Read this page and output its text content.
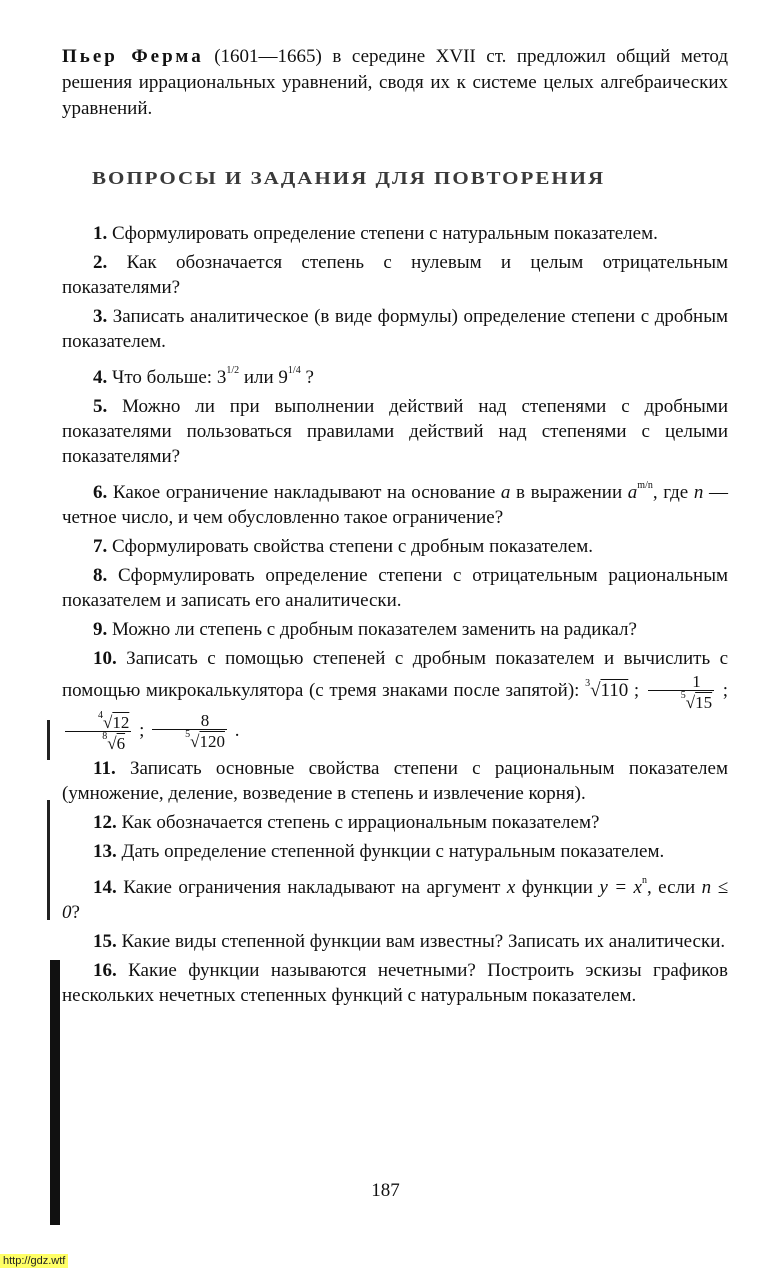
Пьер Ферма (1601—1665) в середине XVII ст. предложил общий метод решения иррациональных уравнений, сводя их к системе целых алгебраических уравнений.

ВОПРОСЫ И ЗАДАНИЯ ДЛЯ ПОВТОРЕНИЯ

1. Сформулировать определение степени с натуральным показателем.

2. Как обозначается степень с нулевым и целым отрицательным показателями?

3. Записать аналитическое (в виде формулы) определение степени с дробным показателем.

4. Что больше: $3^{1/2}$ или $9^{1/4}$ ?

5. Можно ли при выполнении действий над степенями с дробными показателями пользоваться правилами действий над степенями с целыми показателями?

6. Какое ограничение накладывают на основание a в выражении $a^{m/n}$, где n — четное число, и чем обусловленно такое ограничение?

7. Сформулировать свойства степени с дробным показателем.

8. Сформулировать определение степени с отрицательным рациональным показателем и записать его аналитически.

9. Можно ли степень с дробным показателем заменить на радикал?

10. Записать с помощью степеней с дробным показателем и вычислить с помощью микрокалькулятора (с тремя знаками после запятой): $^3$√110 ; $\frac{1}{^5√15}$ ;
$\frac{^4√12}{^8√6}$ ; $\frac{8}{^5√120}$ .

11. Записать основные свойства степени с рациональным показателем (умножение, деление, возведение в степень и извлечение корня).

12. Как обозначается степень с иррациональным показателем?

13. Дать определение степенной функции с натуральным показателем.

14. Какие ограничения накладывают на аргумент x функции $y = x^n$, если n ≤ 0?

15. Какие виды степенной функции вам известны? Записать их аналитически.

16. Какие функции называются нечетными? Построить эскизы графиков нескольких нечетных степенных функций с натуральным показателем.

187
http://gdz.wtf
